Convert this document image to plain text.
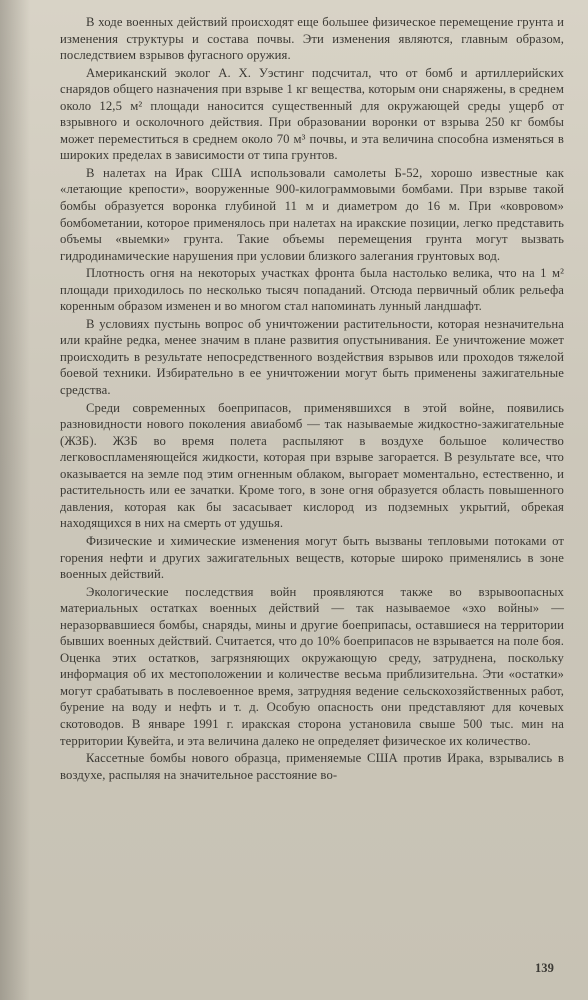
В ходе военных действий происходят еще большее физическое перемещение грунта и изменения структуры и состава почвы. Эти изменения являются, главным образом, последствием взрывов фугасного оружия.

Американский эколог А. Х. Уэстинг подсчитал, что от бомб и артиллерийских снарядов общего назначения при взрыве 1 кг вещества, которым они снаряжены, в среднем около 12,5 м² площади наносится существенный для окружающей среды ущерб от взрывного и осколочного действия. При образовании воронки от взрыва 250 кг бомбы может переместиться в среднем около 70 м³ почвы, и эта величина способна изменяться в широких пределах в зависимости от типа грунтов.

В налетах на Ирак США использовали самолеты Б-52, хорошо известные как «летающие крепости», вооруженные 900-килограммовыми бомбами. При взрыве такой бомбы образуется воронка глубиной 11 м и диаметром до 16 м. При «ковровом» бомбометании, которое применялось при налетах на иракские позиции, легко представить объемы «выемки» грунта. Такие объемы перемещения грунта могут вызвать гидродинамические нарушения при условии близкого залегания грунтовых вод.

Плотность огня на некоторых участках фронта была настолько велика, что на 1 м² площади приходилось по несколько тысяч попаданий. Отсюда первичный облик рельефа коренным образом изменен и во многом стал напоминать лунный ландшафт.

В условиях пустынь вопрос об уничтожении растительности, которая незначительна или крайне редка, менее значим в плане развития опустынивания. Ее уничтожение может происходить в результате непосредственного воздействия взрывов или проходов тяжелой боевой техники. Избирательно в ее уничтожении могут быть применены зажигательные средства.

Среди современных боеприпасов, применявшихся в этой войне, появились разновидности нового поколения авиабомб — так называемые жидкостно-зажигательные (ЖЗБ). ЖЗБ во время полета распыляют в воздухе большое количество легковоспламеняющейся жидкости, которая при взрыве загорается. В результате все, что оказывается на земле под этим огненным облаком, выгорает моментально, естественно, и растительность или ее зачатки. Кроме того, в зоне огня образуется область повышенного давления, которая как бы засасывает кислород из подземных укрытий, обрекая находящихся в них на смерть от удушья.

Физические и химические изменения могут быть вызваны тепловыми потоками от горения нефти и других зажигательных веществ, которые широко применялись в зоне военных действий.

Экологические последствия войн проявляются также во взрывоопасных материальных остатках военных действий — так называемое «эхо войны» — неразорвавшиеся бомбы, снаряды, мины и другие боеприпасы, оставшиеся на территории бывших военных действий. Считается, что до 10% боеприпасов не взрывается на поле боя. Оценка этих остатков, загрязняющих окружающую среду, затруднена, поскольку информация об их местоположении и количестве весьма приблизительна. Эти «остатки» могут срабатывать в послевоенное время, затрудняя ведение сельскохозяйственных работ, бурение на воду и нефть и т. д. Особую опасность они представляют для кочевых скотоводов. В январе 1991 г. иракская сторона установила свыше 500 тыс. мин на территории Кувейта, и эта величина далеко не определяет физическое их количество.

Кассетные бомбы нового образца, применяемые США против Ирака, взрывались в воздухе, распыляя на значительное расстояние во-

139
